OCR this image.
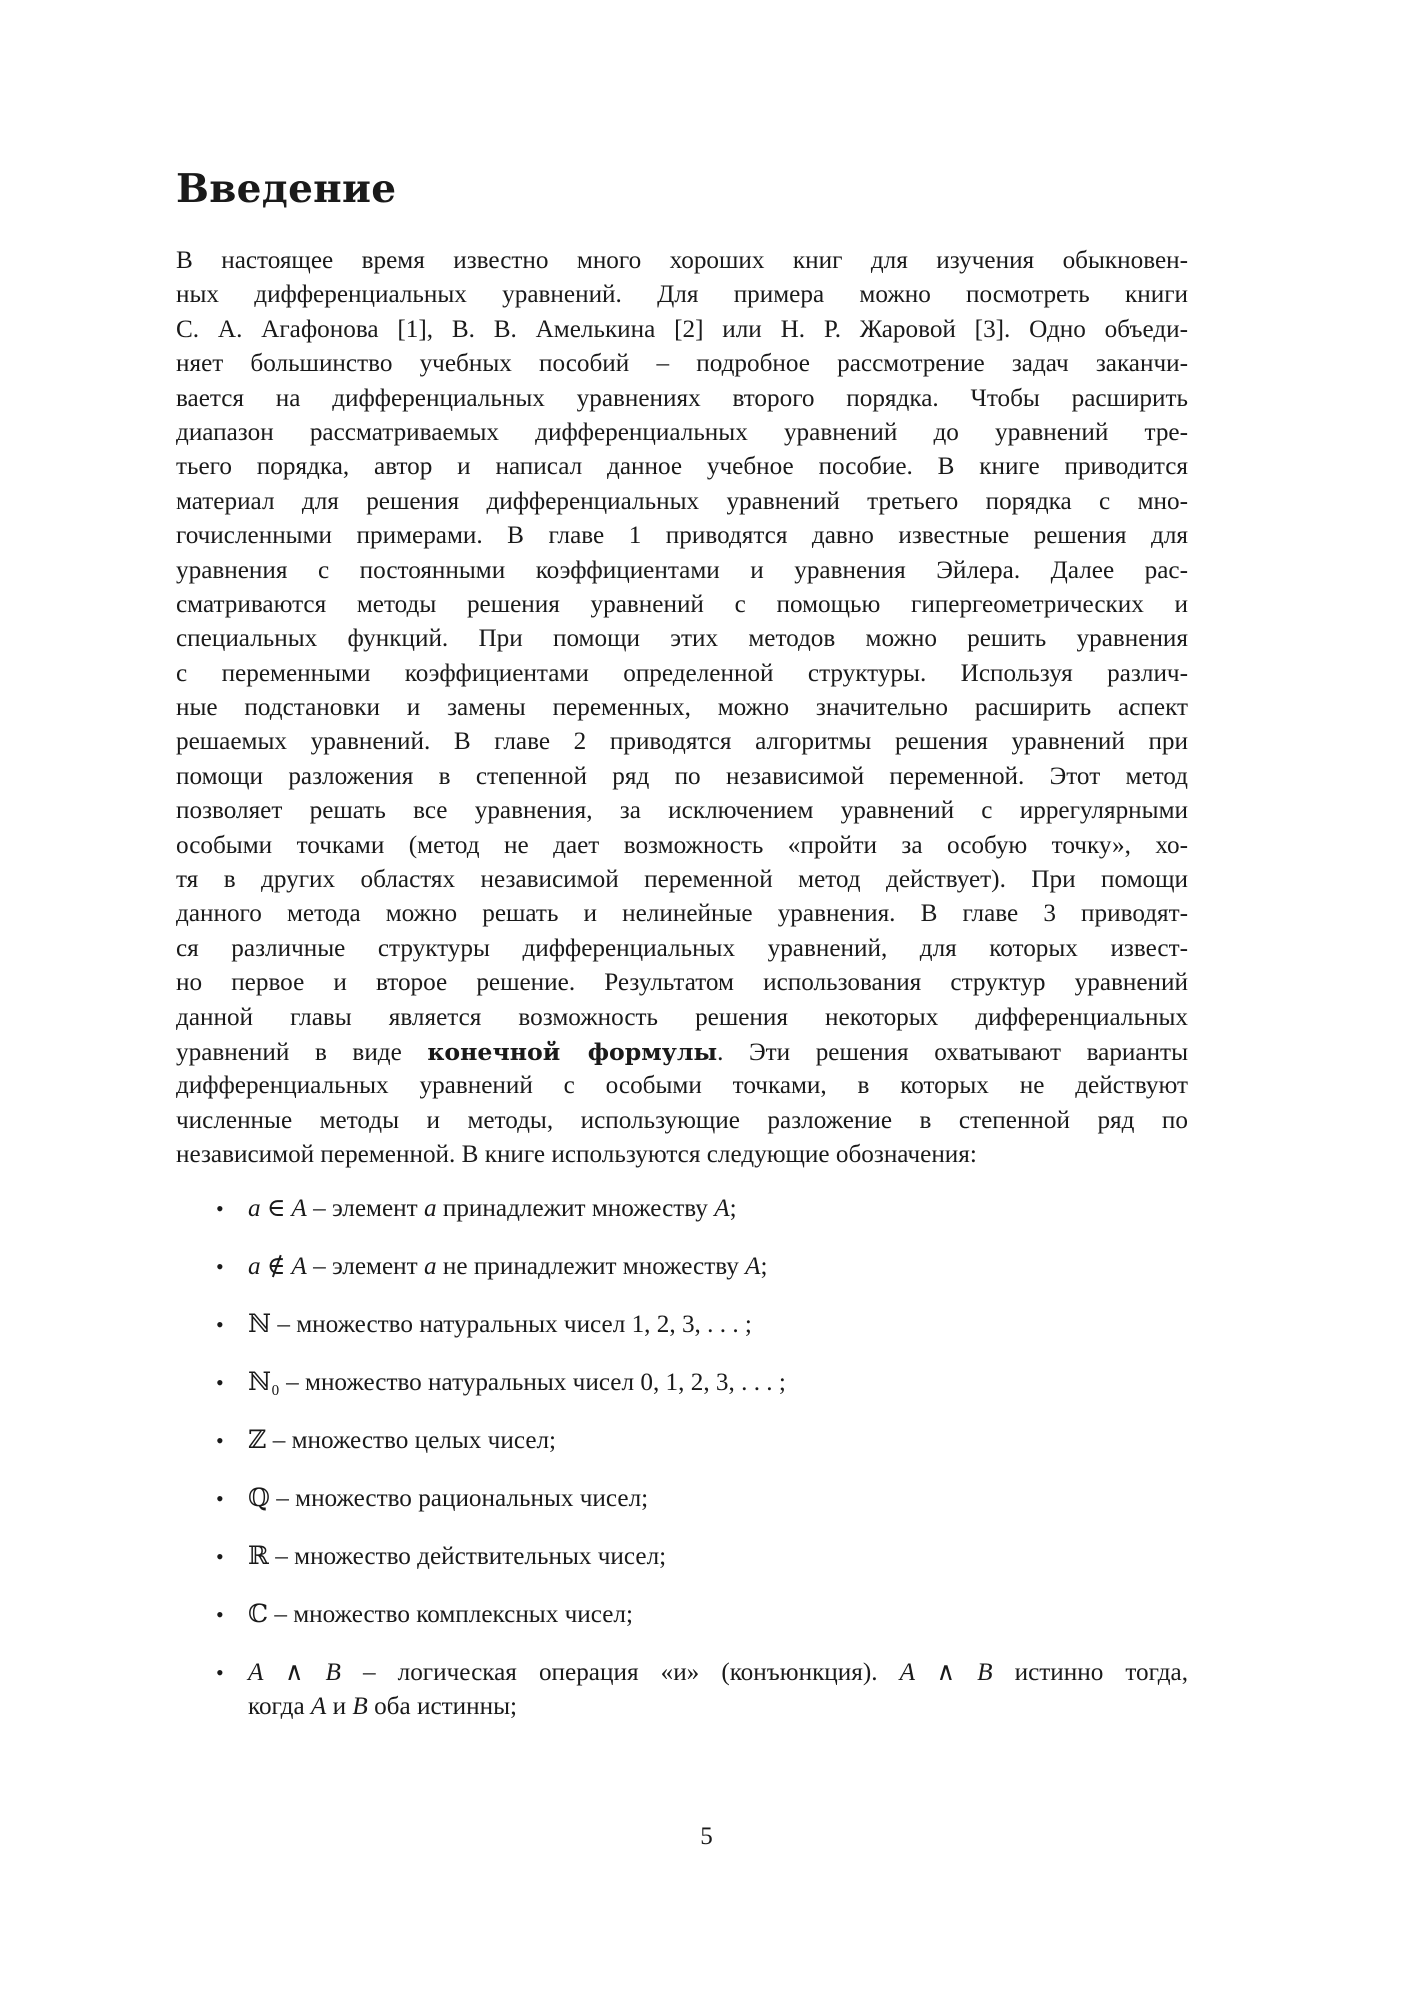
Введение
В настоящее время известно много хороших книг для изучения обыкновен-
ных дифференциальных уравнений. Для примера можно посмотреть книги
С. А. Агафонова [1], В. В. Амелькина [2] или Н. Р. Жаровой [3]. Одно объеди-
няет большинство учебных пособий – подробное рассмотрение задач заканчи-
вается на дифференциальных уравнениях второго порядка. Чтобы расширить
диапазон рассматриваемых дифференциальных уравнений до уравнений тре-
тьего порядка, автор и написал данное учебное пособие. В книге приводится
материал для решения дифференциальных уравнений третьего порядка с мно-
гочисленными примерами. В главе 1 приводятся давно известные решения для
уравнения с постоянными коэффициентами и уравнения Эйлера. Далее рас-
сматриваются методы решения уравнений с помощью гипергеометрических и
специальных функций. При помощи этих методов можно решить уравнения
с переменными коэффициентами определенной структуры. Используя различ-
ные подстановки и замены переменных, можно значительно расширить аспект
решаемых уравнений. В главе 2 приводятся алгоритмы решения уравнений при
помощи разложения в степенной ряд по независимой переменной. Этот метод
позволяет решать все уравнения, за исключением уравнений с иррегулярными
особыми точками (метод не дает возможность «пройти за особую точку», хо-
тя в других областях независимой переменной метод действует). При помощи
данного метода можно решать и нелинейные уравнения. В главе 3 приводят-
ся различные структуры дифференциальных уравнений, для которых извест-
но первое и второе решение. Результатом использования структур уравнений
данной главы является возможность решения некоторых дифференциальных
уравнений в виде конечной формулы. Эти решения охватывают варианты
дифференциальных уравнений с особыми точками, в которых не действуют
численные методы и методы, использующие разложение в степенной ряд по
независимой переменной. В книге используются следующие обозначения:
• a ∈ A – элемент a принадлежит множеству A;
• a ∉ A – элемент a не принадлежит множеству A;
• ℕ – множество натуральных чисел 1, 2, 3, . . . ;
• ℕ₀ – множество натуральных чисел 0, 1, 2, 3, . . . ;
• ℤ – множество целых чисел;
• ℚ – множество рациональных чисел;
• ℝ – множество действительных чисел;
• ℂ – множество комплексных чисел;
• A ∧ B – логическая операция «и» (конъюнкция). A ∧ B истинно тогда,
когда A и B оба истинны;
5
